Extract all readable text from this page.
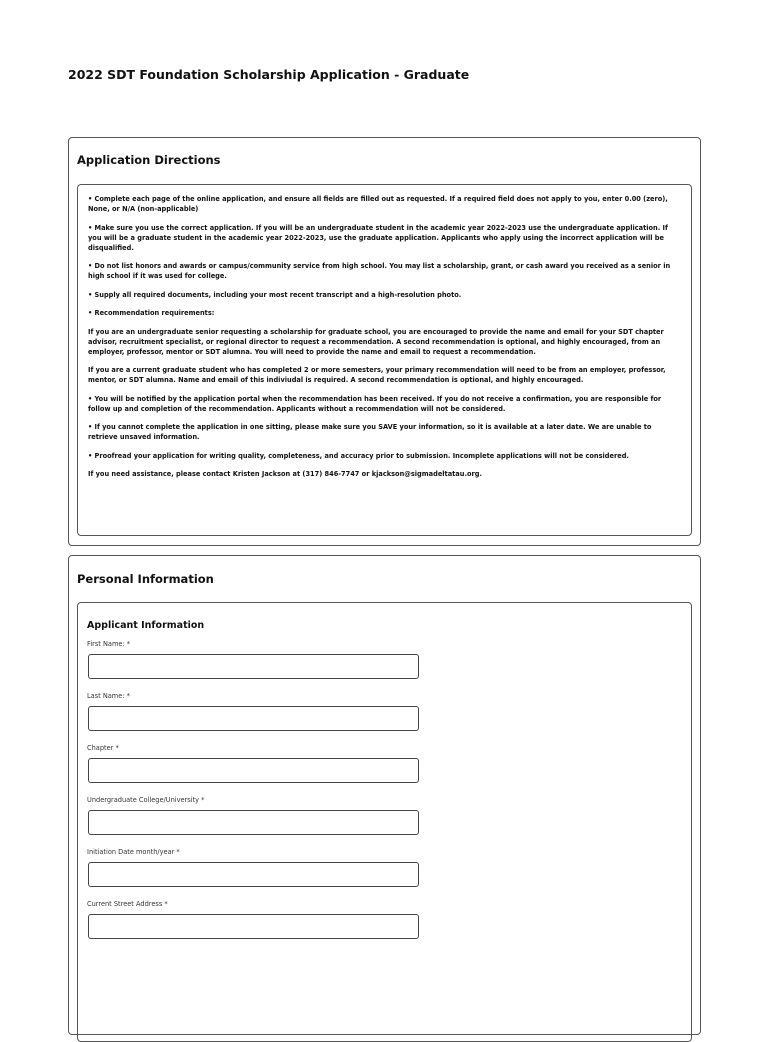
2022 SDT Foundation Scholarship Application - Graduate
Application Directions

• Complete each page of the online application, and ensure all fields are filled out as requested. If a required field does not apply to you, enter 0.00 (zero), None, or N/A (non-applicable)

• Make sure you use the correct application. If you will be an undergraduate student in the academic year 2022-2023 use the undergraduate application. If you will be a graduate student in the academic year 2022-2023, use the graduate application. Applicants who apply using the incorrect application will be disqualified.

• Do not list honors and awards or campus/community service from high school. You may list a scholarship, grant, or cash award you received as a senior in high school if it was used for college.

• Supply all required documents, including your most recent transcript and a high-resolution photo.

• Recommendation requirements:

If you are an undergraduate senior requesting a scholarship for graduate school, you are encouraged to provide the name and email for your SDT chapter advisor, recruitment specialist, or regional director to request a recommendation. A second recommendation is optional, and highly encouraged, from an employer, professor, mentor or SDT alumna. You will need to provide the name and email to request a recommendation.

If you are a current graduate student who has completed 2 or more semesters, your primary recommendation will need to be from an employer, professor, mentor, or SDT alumna. Name and email of this indiviudal is required. A second recommendation is optional, and highly encouraged.

• You will be notified by the application portal when the recommendation has been received. If you do not receive a confirmation, you are responsible for follow up and completion of the recommendation. Applicants without a recommendation will not be considered.

• If you cannot complete the application in one sitting, please make sure you SAVE your information, so it is available at a later date. We are unable to retrieve unsaved information.

• Proofread your application for writing quality, completeness, and accuracy prior to submission. Incomplete applications will not be considered.

If you need assistance, please contact Kristen Jackson at (317) 846-7747 or kjackson@sigmadeltatau.org.

Personal Information
Applicant Information
First Name: *
Last Name: *
Chapter *
Undergraduate College/University *
Initiation Date month/year *
Current Street Address *
